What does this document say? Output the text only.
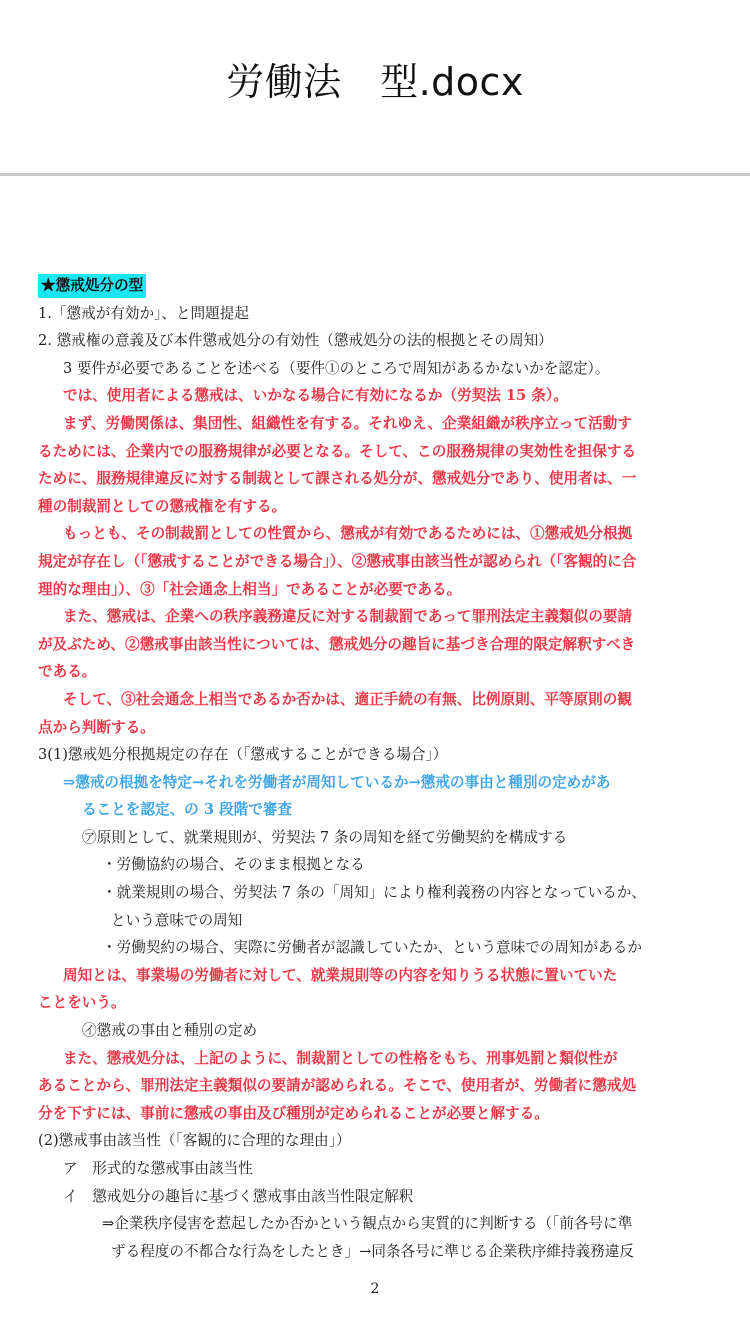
労働法　型.docx
★懲戒処分の型
1.「懲戒が有効か」、と問題提起
2. 懲戒権の意義及び本件懲戒処分の有効性（懲戒処分の法的根拠とその周知）
3 要件が必要であることを述べる（要件①のところで周知があるかないかを認定）。
では、使用者による懲戒は、いかなる場合に有効になるか（労契法 15 条）。
まず、労働関係は、集団性、組織性を有する。それゆえ、企業組織が秩序立って活動す
るためには、企業内での服務規律が必要となる。そして、この服務規律の実効性を担保する
ために、服務規律違反に対する制裁として課される処分が、懲戒処分であり、使用者は、一
種の制裁罰としての懲戒権を有する。
もっとも、その制裁罰としての性質から、懲戒が有効であるためには、①懲戒処分根拠
規定が存在し（「懲戒することができる場合」）、②懲戒事由該当性が認められ（「客観的に合
理的な理由」）、③「社会通念上相当」であることが必要である。
また、懲戒は、企業への秩序義務違反に対する制裁罰であって罪刑法定主義類似の要請
が及ぶため、②懲戒事由該当性については、懲戒処分の趣旨に基づき合理的限定解釈すべき
である。
そして、③社会通念上相当であるか否かは、適正手続の有無、比例原則、平等原則の観
点から判断する。
3(1)懲戒処分根拠規定の存在（「懲戒することができる場合」）
⇒懲戒の根拠を特定→それを労働者が周知しているか→懲戒の事由と種別の定めがあ
ることを認定、の 3 段階で審査
㋐原則として、就業規則が、労契法 7 条の周知を経て労働契約を構成する
・労働協約の場合、そのまま根拠となる
・就業規則の場合、労契法 7 条の「周知」により権利義務の内容となっているか、
という意味での周知
・労働契約の場合、実際に労働者が認識していたか、という意味での周知があるか
周知とは、事業場の労働者に対して、就業規則等の内容を知りうる状態に置いていた
ことをいう。
㋑懲戒の事由と種別の定め
また、懲戒処分は、上記のように、制裁罰としての性格をもち、刑事処罰と類似性が
あることから、罪刑法定主義類似の要請が認められる。そこで、使用者が、労働者に懲戒処
分を下すには、事前に懲戒の事由及び種別が定められることが必要と解する。
(2)懲戒事由該当性（「客観的に合理的な理由」）
ア　形式的な懲戒事由該当性
イ　懲戒処分の趣旨に基づく懲戒事由該当性限定解釈
⇒企業秩序侵害を惹起したか否かという観点から実質的に判断する（「前各号に準
ずる程度の不都合な行為をしたとき」→同条各号に準じる企業秩序維持義務違反
2
